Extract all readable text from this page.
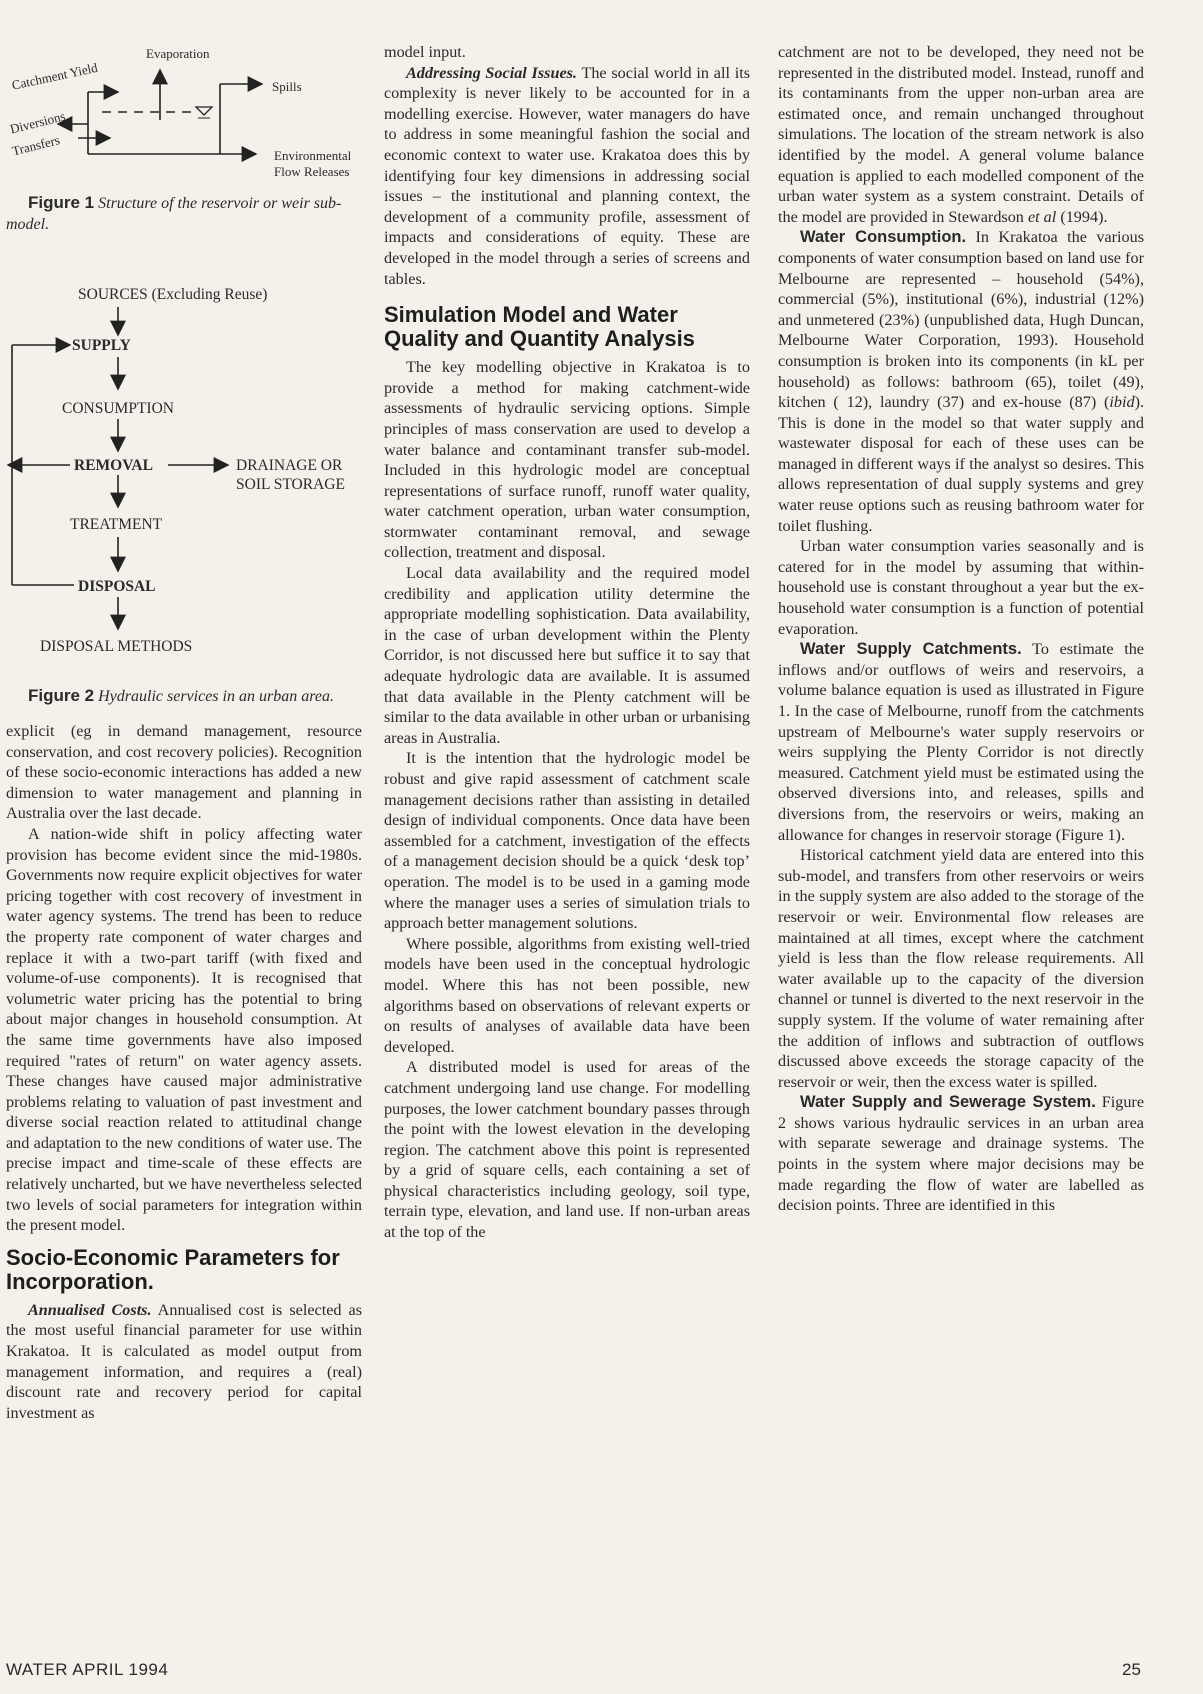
Evaporation
Catchment Yield	Spills
Diversions
Transfers	Environmental
Flow Releases

Figure 1 Structure of the reservoir or weir sub-model.

SOURCES (Excluding Reuse)
SUPPLY
CONSUMPTION
REMOVAL	DRAINAGE OR
SOIL STORAGE
TREATMENT
DISPOSAL
DISPOSAL METHODS

Figure 2 Hydraulic services in an urban area.

explicit (eg in demand management, resource conservation, and cost recovery policies). Recognition of these socio-economic interactions has added a new dimension to water management and planning in Australia over the last decade.

A nation-wide shift in policy affecting water provision has become evident since the mid-1980s. Governments now require explicit objectives for water pricing together with cost recovery of investment in water agency systems. The trend has been to reduce the property rate component of water charges and replace it with a two-part tariff (with fixed and volume-of-use components). It is recognised that volumetric water pricing has the potential to bring about major changes in household consumption. At the same time governments have also imposed required "rates of return" on water agency assets. These changes have caused major administrative problems relating to valuation of past investment and diverse social reaction related to attitudinal change and adaptation to the new conditions of water use. The precise impact and time-scale of these effects are relatively uncharted, but we have nevertheless selected two levels of social parameters for integration within the present model.

Socio-Economic Parameters for Incorporation.

Annualised Costs. Annualised cost is selected as the most useful financial parameter for use within Krakatoa. It is calculated as model output from management information, and requires a (real) discount rate and recovery period for capital investment as

model input.

Addressing Social Issues. The social world in all its complexity is never likely to be accounted for in a modelling exercise. However, water managers do have to address in some meaningful fashion the social and economic context to water use. Krakatoa does this by identifying four key dimensions in addressing social issues – the institutional and planning context, the development of a community profile, assessment of impacts and considerations of equity. These are developed in the model through a series of screens and tables.

Simulation Model and Water Quality and Quantity Analysis

The key modelling objective in Krakatoa is to provide a method for making catchment-wide assessments of hydraulic servicing options. Simple principles of mass conservation are used to develop a water balance and contaminant transfer sub-model. Included in this hydrologic model are conceptual representations of surface runoff, runoff water quality, water catchment operation, urban water consumption, stormwater contaminant removal, and sewage collection, treatment and disposal.

Local data availability and the required model credibility and application utility determine the appropriate modelling sophistication. Data availability, in the case of urban development within the Plenty Corridor, is not discussed here but suffice it to say that adequate hydrologic data are available. It is assumed that data available in the Plenty catchment will be similar to the data available in other urban or urbanising areas in Australia.

It is the intention that the hydrologic model be robust and give rapid assessment of catchment scale management decisions rather than assisting in detailed design of individual components. Once data have been assembled for a catchment, investigation of the effects of a management decision should be a quick ‘desk top’ operation. The model is to be used in a gaming mode where the manager uses a series of simulation trials to approach better management solutions.

Where possible, algorithms from existing well-tried models have been used in the conceptual hydrologic model. Where this has not been possible, new algorithms based on observations of relevant experts or on results of analyses of available data have been developed.

A distributed model is used for areas of the catchment undergoing land use change. For modelling purposes, the lower catchment boundary passes through the point with the lowest elevation in the developing region. The catchment above this point is represented by a grid of square cells, each containing a set of physical characteristics including geology, soil type, terrain type, elevation, and land use. If non-urban areas at the top of the

catchment are not to be developed, they need not be represented in the distributed model. Instead, runoff and its contaminants from the upper non-urban area are estimated once, and remain unchanged throughout simulations. The location of the stream network is also identified by the model. A general volume balance equation is applied to each modelled component of the urban water system as a system constraint. Details of the model are provided in Stewardson et al (1994).

Water Consumption. In Krakatoa the various components of water consumption based on land use for Melbourne are represented – household (54%), commercial (5%), institutional (6%), industrial (12%) and unmetered (23%) (unpublished data, Hugh Duncan, Melbourne Water Corporation, 1993). Household consumption is broken into its components (in kL per household) as follows: bathroom (65), toilet (49), kitchen ( 12), laundry (37) and ex-house (87) (ibid). This is done in the model so that water supply and wastewater disposal for each of these uses can be managed in different ways if the analyst so desires. This allows representation of dual supply systems and grey water reuse options such as reusing bathroom water for toilet flushing.

Urban water consumption varies seasonally and is catered for in the model by assuming that within-household use is constant throughout a year but the ex-household water consumption is a function of potential evaporation.

Water Supply Catchments. To estimate the inflows and/or outflows of weirs and reservoirs, a volume balance equation is used as illustrated in Figure 1. In the case of Melbourne, runoff from the catchments upstream of Melbourne's water supply reservoirs or weirs supplying the Plenty Corridor is not directly measured. Catchment yield must be estimated using the observed diversions into, and releases, spills and diversions from, the reservoirs or weirs, making an allowance for changes in reservoir storage (Figure 1).

Historical catchment yield data are entered into this sub-model, and transfers from other reservoirs or weirs in the supply system are also added to the storage of the reservoir or weir. Environmental flow releases are maintained at all times, except where the catchment yield is less than the flow release requirements. All water available up to the capacity of the diversion channel or tunnel is diverted to the next reservoir in the supply system. If the volume of water remaining after the addition of inflows and subtraction of outflows discussed above exceeds the storage capacity of the reservoir or weir, then the excess water is spilled.

Water Supply and Sewerage System. Figure 2 shows various hydraulic services in an urban area with separate sewerage and drainage systems. The points in the system where major decisions may be made regarding the flow of water are labelled as decision points. Three are identified in this

WATER APRIL 1994	25
